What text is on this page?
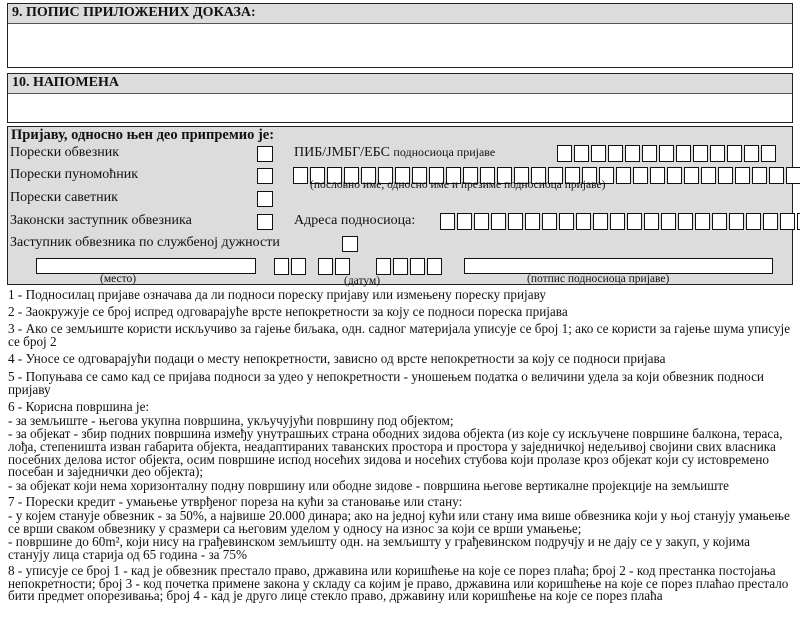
9. ПОПИС ПРИЛОЖЕНИХ ДОКАЗА:
10. НАПОМЕНА
Пријаву, односно њен део припремио је:
Порески обвезник
Порески пуномоћник
Порески саветник
Законски заступник обвезника
Заступник обвезника по службеној дужности
ПИБ/ЈМБГ/ЕБС подносиоца пријаве
(пословно име, односно име и презиме подносиоца пријаве)
Адреса подносиоца:
(место)	(датум)	(потпис подносиоца пријаве)
1 - Подносилац пријаве означава да ли подноси пореску пријаву или измењену пореску пријаву
2 - Заокружује се број испред одговарајуће врсте непокретности за коју се подноси пореска пријава
3 - Ако се земљиште користи искључиво за гајење биљака, одн. садног материјала уписује се број 1; ако се користи за гајење шума уписује се број 2
4 - Уносе се одговарајући подаци о месту непокретности, зависно од врсте непокретности за коју се подноси пријава
5 - Попуњава се само кад се пријава подноси за удео у непокретности - уношењем податка о величини удела за који обвезник подноси пријаву
6 - Корисна површина је:
- за земљиште - његова укупна површина, укључујући површину под објектом;
- за објекат - збир подних површина између унутрашњих страна ободних зидова објекта (из које су искључене површине балкона, тераса, лођа, степеништа изван габарита објекта, неадаптираних таванских простора и простора у заједничкој недељивој својини свих власника посебних делова истог објекта, осим површине испод носећих зидова и носећих стубова који пролазе кроз објекат који су истовремено посебан и заједнички део објекта);
- за објекат који нема хоризонталну подну површину или ободне зидове - површина његове вертикалне пројекције на земљиште
7 - Порески кредит - умањење утврђеног пореза на кући за становање или стану:
- у којем станује обвезник - за 50%, а највише 20.000 динара; ако на једној кући или стану има више обвезника који у њој станују умањење се врши сваком обвезнику у сразмери са његовим уделом у односу на износ за који се врши умањење;
- површине до 60m², који нису на грађевинском земљишту одн. на земљишту у грађевинском подручју и не дају се у закуп, у којима станују лица старија од 65 година - за 75%
8 - уписује се број 1 - кад је обвезник престало право, државина или коришћење на које се порез плаћа; број 2 - код престанка постојања непокретности; број 3 - код почетка примене закона у складу са којим је право, државина или коришћење на које се порез плаћао престало бити предмет опорезивања; број 4 - кад је друго лице стекло право, државину или коришћење на које се порез плаћа
